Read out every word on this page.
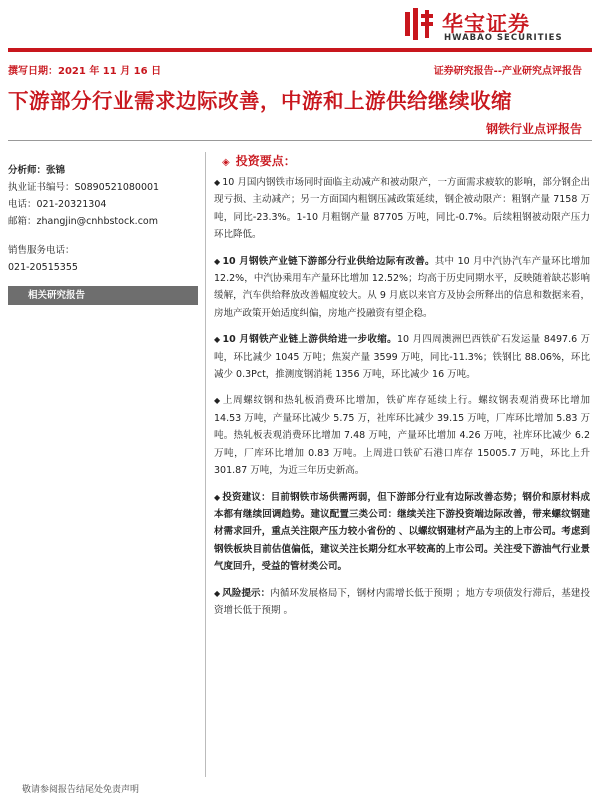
华宝证券
HWABAO SECURITIES
撰写日期：2021 年 11 月 16 日	证券研究报告--产业研究点评报告
下游部分行业需求边际改善，中游和上游供给继续收缩
钢铁行业点评报告
分析师：张锦
执业证书编号：S0890521080001
电话：021-20321304
邮箱：zhangjin@cnhbstock.com
销售服务电话：
021-20515355
相关研究报告
◈ 投资要点：

◆ 10 月国内钢铁市场同时面临主动减产和被动限产，一方面需求疲软的影响，部分钢企出现亏损、主动减产；另一方面国内粗钢压减政策延续，钢企被动限产：粗钢产量 7158 万吨，同比-23.3%。1-10 月粗钢产量 87705 万吨，同比-0.7%。后续粗钢被动限产压力环比降低。

◆ 10 月钢铁产业链下游部分行业供给边际有改善。其中 10 月中汽协汽车产量环比增加 12.2%，中汽协乘用车产量环比增加 12.52%；均高于历史同期水平，反映随着缺芯影响缓解，汽车供给释放改善幅度较大。从 9 月底以来官方及协会所释出的信息和数据来看，房地产政策开始适度纠偏，房地产投融资有望企稳。

◆ 10 月钢铁产业链上游供给进一步收缩。10 月四周澳洲巴西铁矿石发运量 8497.6 万吨，环比减少 1045 万吨；焦炭产量 3599 万吨，同比-11.3%；铁钢比 88.06%，环比减少 0.3Pct，推测度钢消耗 1356 万吨，环比减少 16 万吨。

◆ 上周螺纹钢和热轧板消费环比增加，铁矿库存延续上行。螺纹钢表观消费环比增加 14.53 万吨，产量环比减少 5.75 万，社库环比减少 39.15 万吨，厂库环比增加 5.83 万吨。热轧板表观消费环比增加 7.48 万吨，产量环比增加 4.26 万吨，社库环比减少 6.2 万吨，厂库环比增加 0.83 万吨。上周进口铁矿石港口库存 15005.7 万吨，环比上升 301.87 万吨，为近三年历史新高。

◆ 投资建议：目前钢铁市场供需两弱，但下游部分行业有边际改善态势；钢价和原材料成本都有继续回调趋势。建议配置三类公司：继续关注下游投资端边际改善，带来螺纹钢建材需求回升，重点关注限产压力较小省份的 、以螺纹钢建材产品为主的上市公司。考虑到钢铁板块目前估值偏低，建议关注长期分红水平较高的上市公司。关注受下游油气行业景气度回升，受益的管材类公司。

◆ 风险提示：内循环发展格局下，钢材内需增长低于预期 ；地方专项债发行滞后，基建投资增长低于预期 。

敬请参阅报告结尾处免责声明
